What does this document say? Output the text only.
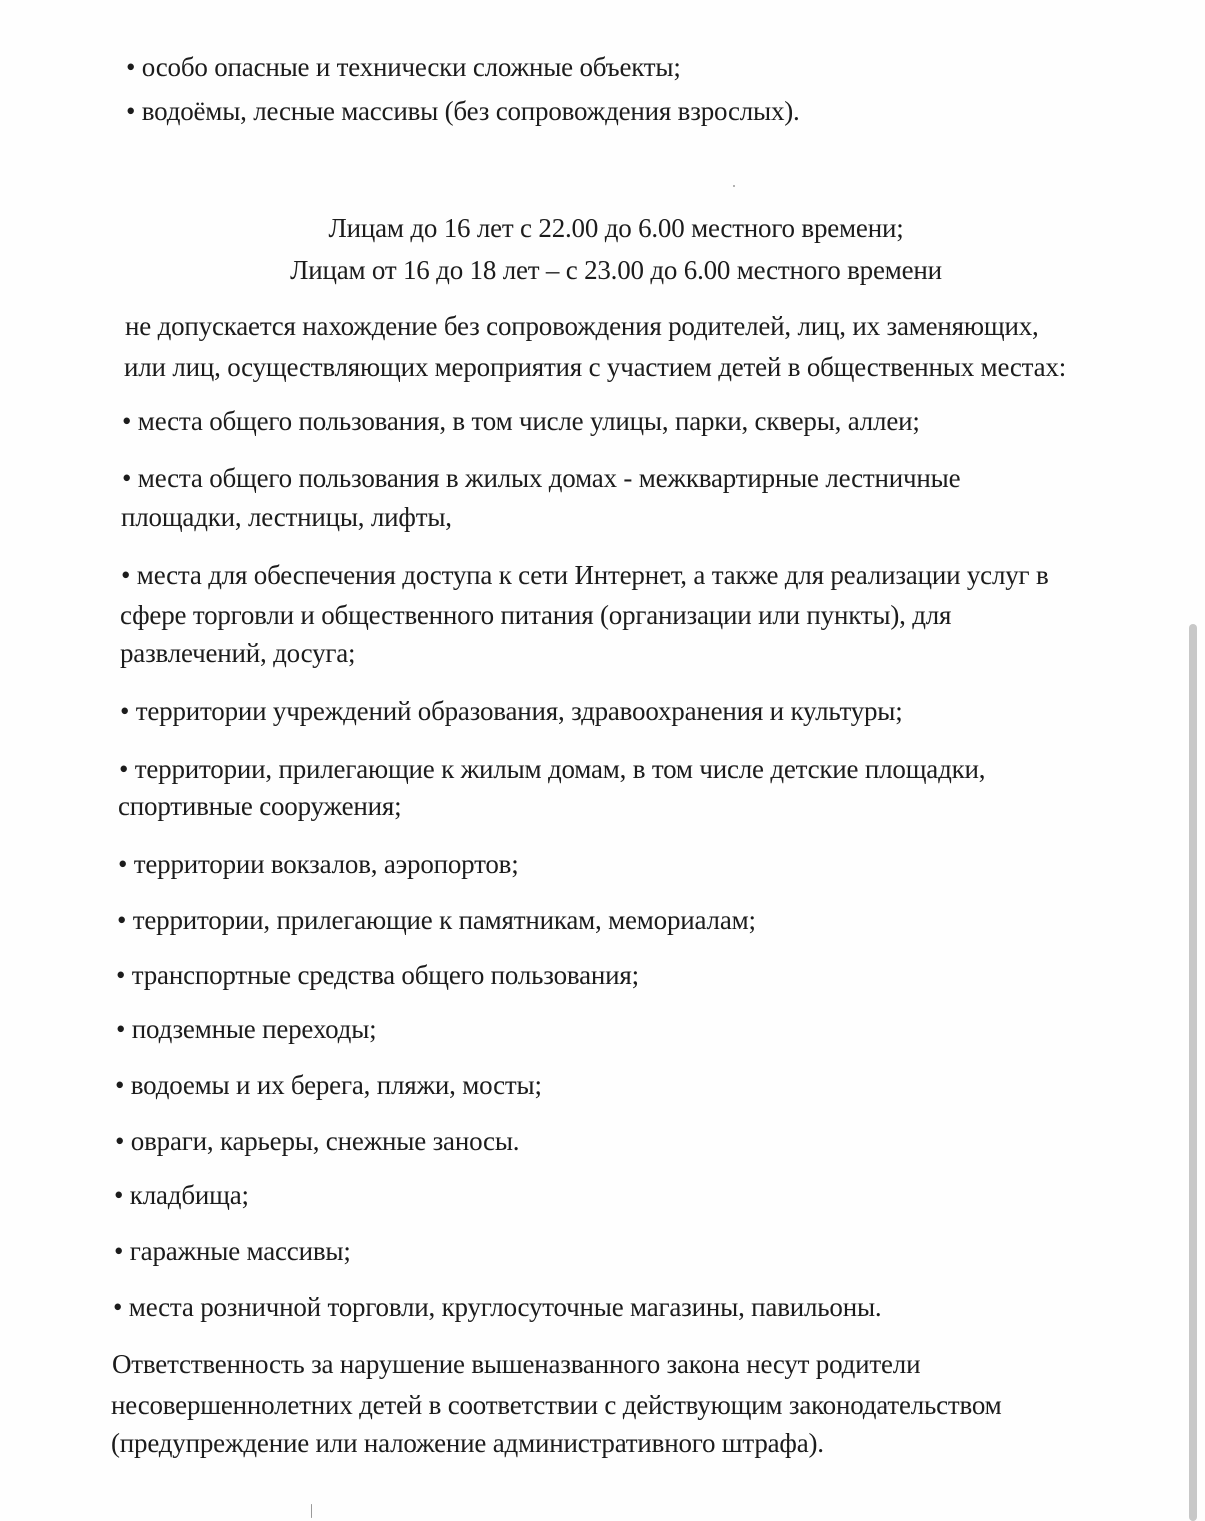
• особо опасные и технически сложные объекты;
• водоёмы, лесные массивы (без сопровождения взрослых).
Лицам до 16 лет с 22.00 до 6.00 местного времени;
Лицам от 16 до 18 лет – с 23.00 до 6.00 местного времени
не допускается нахождение без сопровождения родителей, лиц, их заменяющих,
или лиц, осуществляющих мероприятия с участием детей в общественных местах:
• места общего пользования, в том числе улицы, парки, скверы, аллеи;
• места общего пользования в жилых домах - межквартирные лестничные
площадки, лестницы, лифты,
• места для обеспечения доступа к сети Интернет, а также для реализации услуг в
сфере торговли и общественного питания (организации или пункты), для
развлечений, досуга;
• территории учреждений образования, здравоохранения и культуры;
• территории, прилегающие к жилым домам, в том числе детские площадки,
спортивные сооружения;
• территории вокзалов, аэропортов;
• территории, прилегающие к памятникам, мемориалам;
• транспортные средства общего пользования;
• подземные переходы;
• водоемы и их берега, пляжи, мосты;
• овраги, карьеры, снежные заносы.
• кладбища;
• гаражные массивы;
• места розничной торговли, круглосуточные магазины, павильоны.
Ответственность за нарушение вышеназванного закона несут родители
несовершеннолетних детей в соответствии с действующим законодательством
(предупреждение или наложение административного штрафа).
